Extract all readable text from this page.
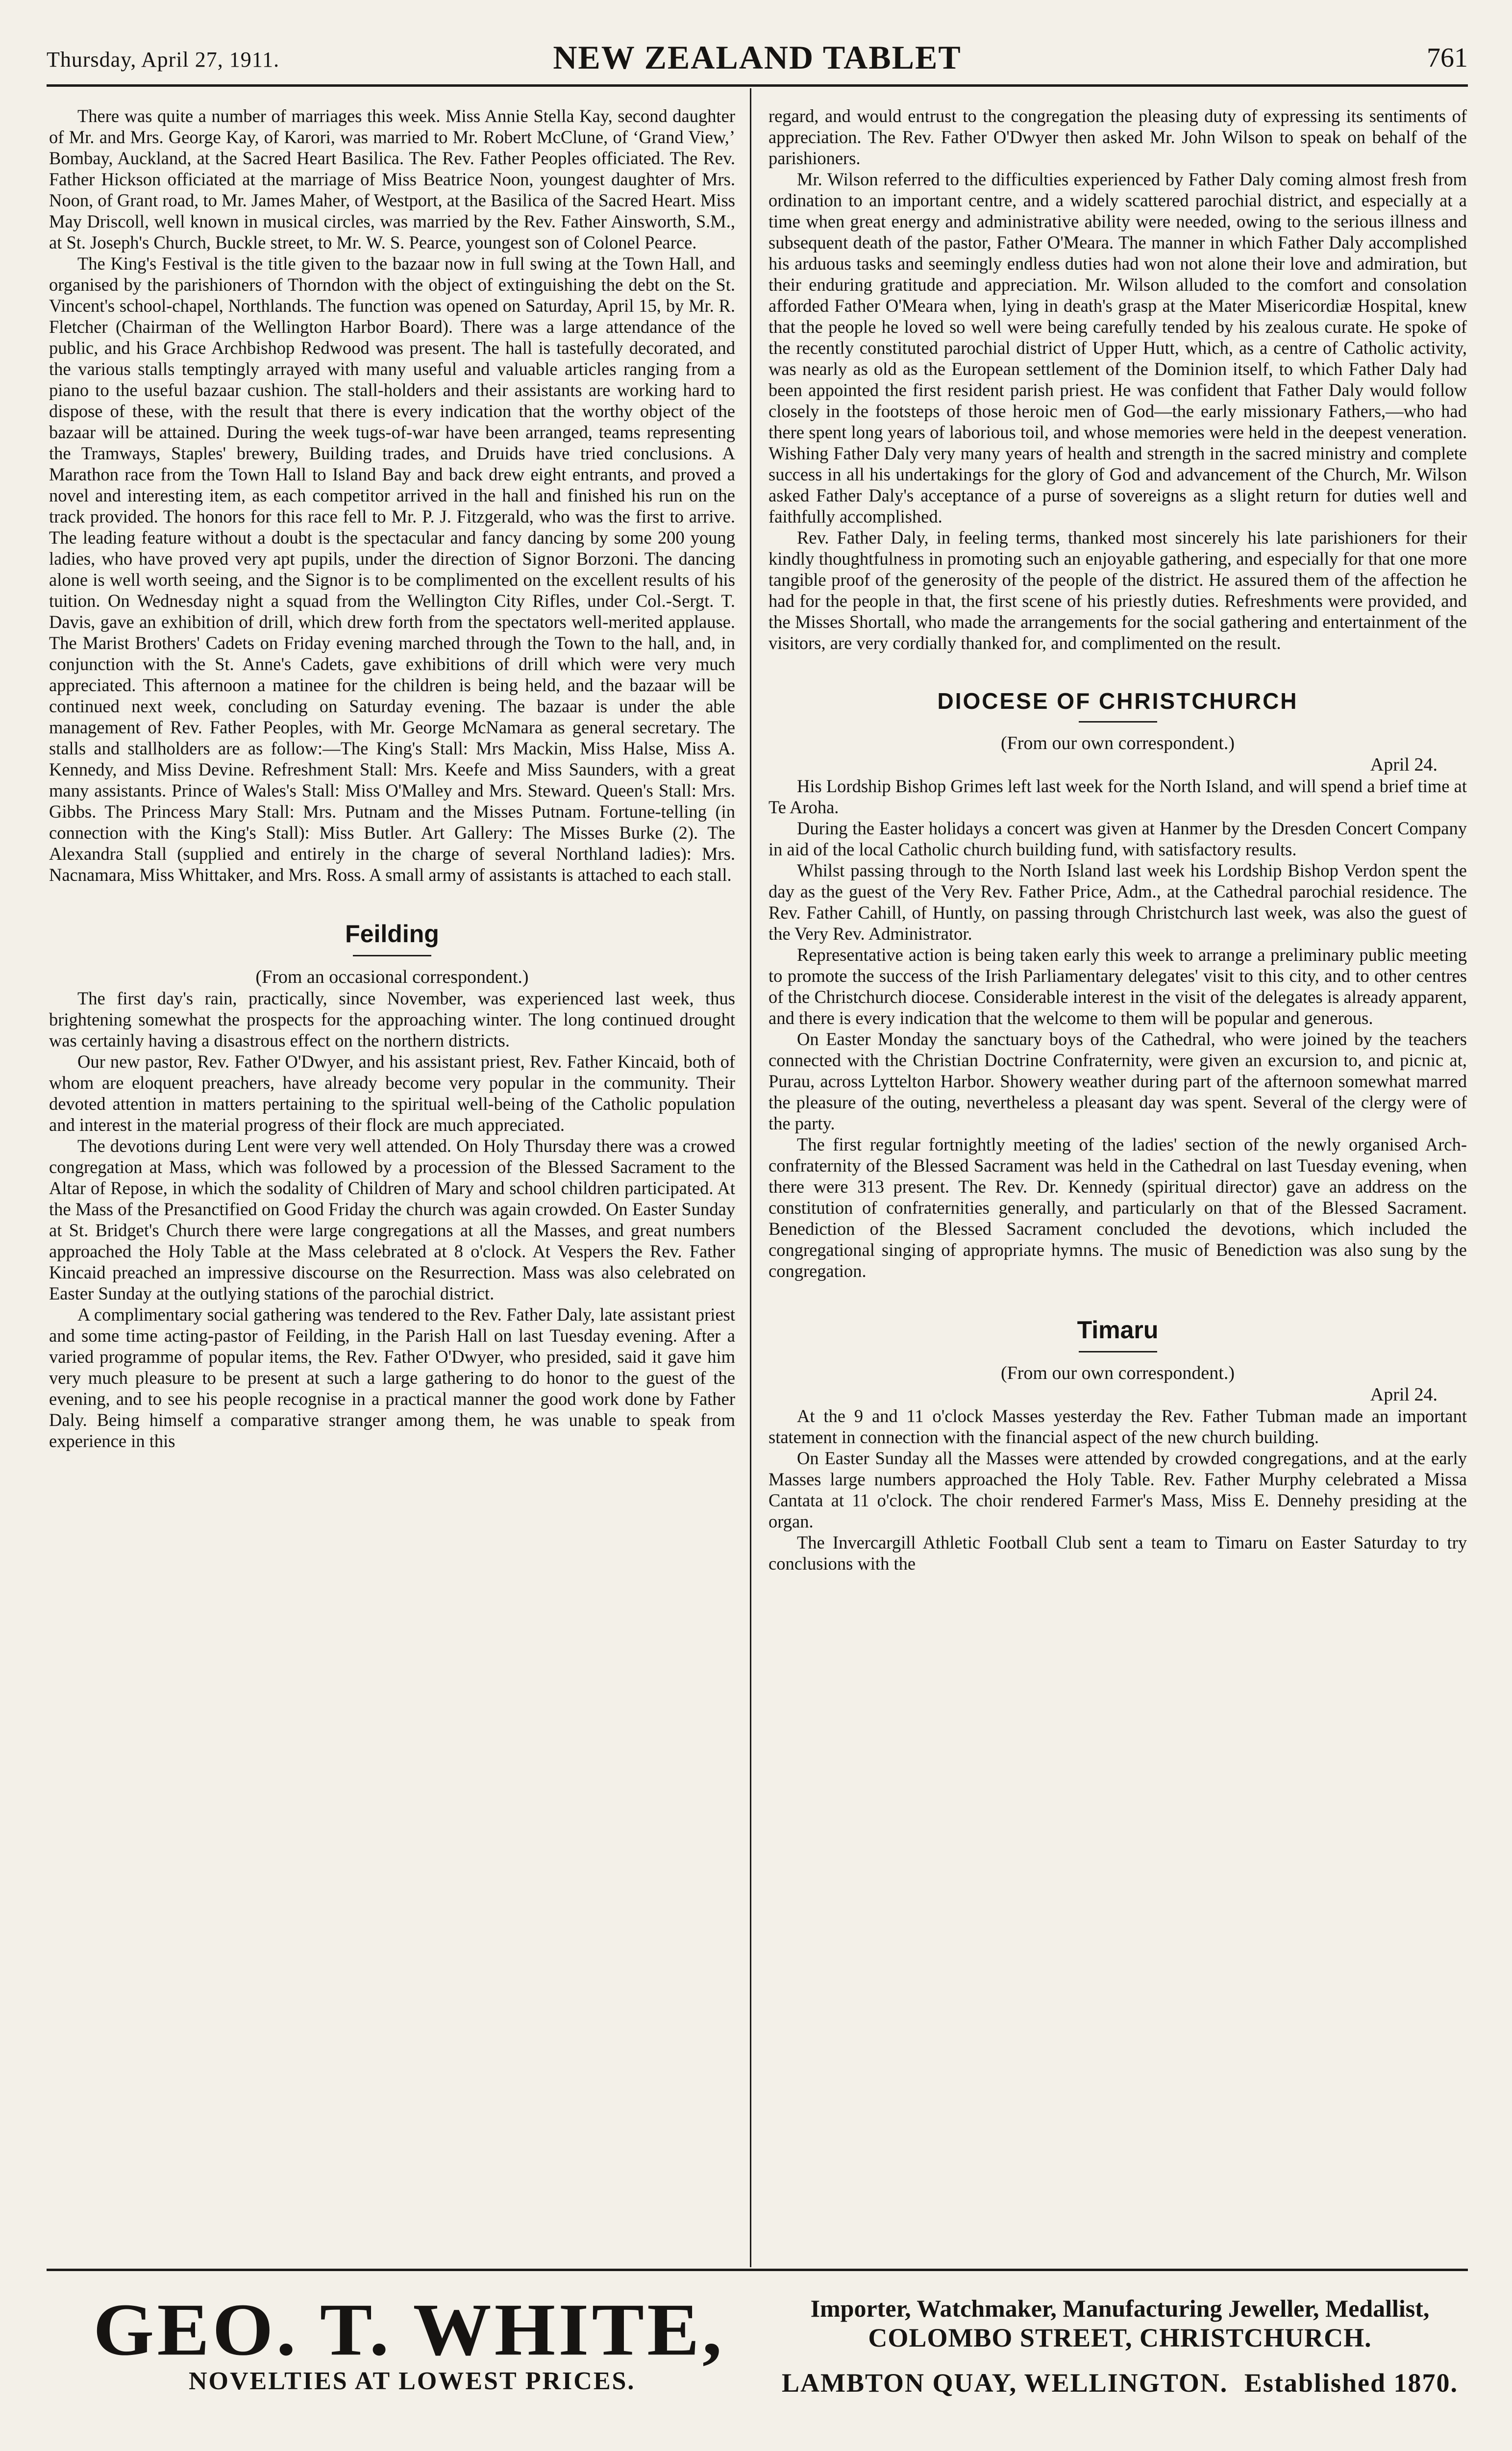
Thursday, April 27, 1911.	NEW ZEALAND TABLET	761

There was quite a number of marriages this week. Miss Annie Stella Kay, second daughter of Mr. and Mrs. George Kay, of Karori, was married to Mr. Robert McClune, of ‘Grand View,’ Bombay, Auckland, at the Sacred Heart Basilica. The Rev. Father Peoples officiated. The Rev. Father Hickson officiated at the marriage of Miss Beatrice Noon, youngest daughter of Mrs. Noon, of Grant road, to Mr. James Maher, of Westport, at the Basilica of the Sacred Heart. Miss May Driscoll, well known in musical circles, was married by the Rev. Father Ainsworth, S.M., at St. Joseph's Church, Buckle street, to Mr. W. S. Pearce, youngest son of Colonel Pearce.

The King's Festival is the title given to the bazaar now in full swing at the Town Hall, and organised by the parishioners of Thorndon with the object of extinguishing the debt on the St. Vincent's school-chapel, Northlands. The function was opened on Saturday, April 15, by Mr. R. Fletcher (Chairman of the Wellington Harbor Board). There was a large attendance of the public, and his Grace Archbishop Redwood was present. The hall is tastefully decorated, and the various stalls temptingly arrayed with many useful and valuable articles ranging from a piano to the useful bazaar cushion. The stall-holders and their assistants are working hard to dispose of these, with the result that there is every indication that the worthy object of the bazaar will be attained. During the week tugs-of-war have been arranged, teams representing the Tramways, Staples' brewery, Building trades, and Druids have tried conclusions. A Marathon race from the Town Hall to Island Bay and back drew eight entrants, and proved a novel and interesting item, as each competitor arrived in the hall and finished his run on the track provided. The honors for this race fell to Mr. P. J. Fitzgerald, who was the first to arrive. The leading feature without a doubt is the spectacular and fancy dancing by some 200 young ladies, who have proved very apt pupils, under the direction of Signor Borzoni. The dancing alone is well worth seeing, and the Signor is to be complimented on the excellent results of his tuition. On Wednesday night a squad from the Wellington City Rifles, under Col.-Sergt. T. Davis, gave an exhibition of drill, which drew forth from the spectators well-merited applause. The Marist Brothers' Cadets on Friday evening marched through the Town to the hall, and, in conjunction with the St. Anne's Cadets, gave exhibitions of drill which were very much appreciated. This afternoon a matinee for the children is being held, and the bazaar will be continued next week, concluding on Saturday evening. The bazaar is under the able management of Rev. Father Peoples, with Mr. George McNamara as general secretary. The stalls and stallholders are as follow:—The King's Stall: Mrs Mackin, Miss Halse, Miss A. Kennedy, and Miss Devine. Refreshment Stall: Mrs. Keefe and Miss Saunders, with a great many assistants. Prince of Wales's Stall: Miss O'Malley and Mrs. Steward. Queen's Stall: Mrs. Gibbs. The Princess Mary Stall: Mrs. Putnam and the Misses Putnam. Fortune-telling (in connection with the King's Stall): Miss Butler. Art Gallery: The Misses Burke (2). The Alexandra Stall (supplied and entirely in the charge of several Northland ladies): Mrs. Nacnamara, Miss Whittaker, and Mrs. Ross. A small army of assistants is attached to each stall.

Feilding

(From an occasional correspondent.)

The first day's rain, practically, since November, was experienced last week, thus brightening somewhat the prospects for the approaching winter. The long continued drought was certainly having a disastrous effect on the northern districts.

Our new pastor, Rev. Father O'Dwyer, and his assistant priest, Rev. Father Kincaid, both of whom are eloquent preachers, have already become very popular in the community. Their devoted attention in matters pertaining to the spiritual well-being of the Catholic population and interest in the material progress of their flock are much appreciated.

The devotions during Lent were very well attended. On Holy Thursday there was a crowed congregation at Mass, which was followed by a procession of the Blessed Sacrament to the Altar of Repose, in which the sodality of Children of Mary and school children participated. At the Mass of the Presanctified on Good Friday the church was again crowded. On Easter Sunday at St. Bridget's Church there were large congregations at all the Masses, and great numbers approached the Holy Table at the Mass celebrated at 8 o'clock. At Vespers the Rev. Father Kincaid preached an impressive discourse on the Resurrection. Mass was also celebrated on Easter Sunday at the outlying stations of the parochial district.

A complimentary social gathering was tendered to the Rev. Father Daly, late assistant priest and some time acting-pastor of Feilding, in the Parish Hall on last Tuesday evening. After a varied programme of popular items, the Rev. Father O'Dwyer, who presided, said it gave him very much pleasure to be present at such a large gathering to do honor to the guest of the evening, and to see his people recognise in a practical manner the good work done by Father Daly. Being himself a comparative stranger among them, he was unable to speak from experience in this

regard, and would entrust to the congregation the pleasing duty of expressing its sentiments of appreciation. The Rev. Father O'Dwyer then asked Mr. John Wilson to speak on behalf of the parishioners.

Mr. Wilson referred to the difficulties experienced by Father Daly coming almost fresh from ordination to an important centre, and a widely scattered parochial district, and especially at a time when great energy and administrative ability were needed, owing to the serious illness and subsequent death of the pastor, Father O'Meara. The manner in which Father Daly accomplished his arduous tasks and seemingly endless duties had won not alone their love and admiration, but their enduring gratitude and appreciation. Mr. Wilson alluded to the comfort and consolation afforded Father O'Meara when, lying in death's grasp at the Mater Misericordiæ Hospital, knew that the people he loved so well were being carefully tended by his zealous curate. He spoke of the recently constituted parochial district of Upper Hutt, which, as a centre of Catholic activity, was nearly as old as the European settlement of the Dominion itself, to which Father Daly had been appointed the first resident parish priest. He was confident that Father Daly would follow closely in the footsteps of those heroic men of God—the early missionary Fathers,—who had there spent long years of laborious toil, and whose memories were held in the deepest veneration. Wishing Father Daly very many years of health and strength in the sacred ministry and complete success in all his undertakings for the glory of God and advancement of the Church, Mr. Wilson asked Father Daly's acceptance of a purse of sovereigns as a slight return for duties well and faithfully accomplished.

Rev. Father Daly, in feeling terms, thanked most sincerely his late parishioners for their kindly thoughtfulness in promoting such an enjoyable gathering, and especially for that one more tangible proof of the generosity of the people of the district. He assured them of the affection he had for the people in that, the first scene of his priestly duties. Refreshments were provided, and the Misses Shortall, who made the arrangements for the social gathering and entertainment of the visitors, are very cordially thanked for, and complimented on the result.

DIOCESE OF CHRISTCHURCH

(From our own correspondent.)

April 24.

His Lordship Bishop Grimes left last week for the North Island, and will spend a brief time at Te Aroha.

During the Easter holidays a concert was given at Hanmer by the Dresden Concert Company in aid of the local Catholic church building fund, with satisfactory results.

Whilst passing through to the North Island last week his Lordship Bishop Verdon spent the day as the guest of the Very Rev. Father Price, Adm., at the Cathedral parochial residence. The Rev. Father Cahill, of Huntly, on passing through Christchurch last week, was also the guest of the Very Rev. Administrator.

Representative action is being taken early this week to arrange a preliminary public meeting to promote the success of the Irish Parliamentary delegates' visit to this city, and to other centres of the Christchurch diocese. Considerable interest in the visit of the delegates is already apparent, and there is every indication that the welcome to them will be popular and generous.

On Easter Monday the sanctuary boys of the Cathedral, who were joined by the teachers connected with the Christian Doctrine Confraternity, were given an excursion to, and picnic at, Purau, across Lyttelton Harbor. Showery weather during part of the afternoon somewhat marred the pleasure of the outing, nevertheless a pleasant day was spent. Several of the clergy were of the party.

The first regular fortnightly meeting of the ladies' section of the newly organised Arch-confraternity of the Blessed Sacrament was held in the Cathedral on last Tuesday evening, when there were 313 present. The Rev. Dr. Kennedy (spiritual director) gave an address on the constitution of confraternities generally, and particularly on that of the Blessed Sacrament. Benediction of the Blessed Sacrament concluded the devotions, which included the congregational singing of appropriate hymns. The music of Benediction was also sung by the congregation.

Timaru

(From our own correspondent.)

April 24.

At the 9 and 11 o'clock Masses yesterday the Rev. Father Tubman made an important statement in connection with the financial aspect of the new church building.

On Easter Sunday all the Masses were attended by crowded congregations, and at the early Masses large numbers approached the Holy Table. Rev. Father Murphy celebrated a Missa Cantata at 11 o'clock. The choir rendered Farmer's Mass, Miss E. Dennehy presiding at the organ.

The Invercargill Athletic Football Club sent a team to Timaru on Easter Saturday to try conclusions with the

GEO. T. WHITE,
NOVELTIES AT LOWEST PRICES.
Importer, Watchmaker, Manufacturing Jeweller, Medallist,
COLOMBO STREET, CHRISTCHURCH.
LAMBTON QUAY, WELLINGTON. Established 1870.
